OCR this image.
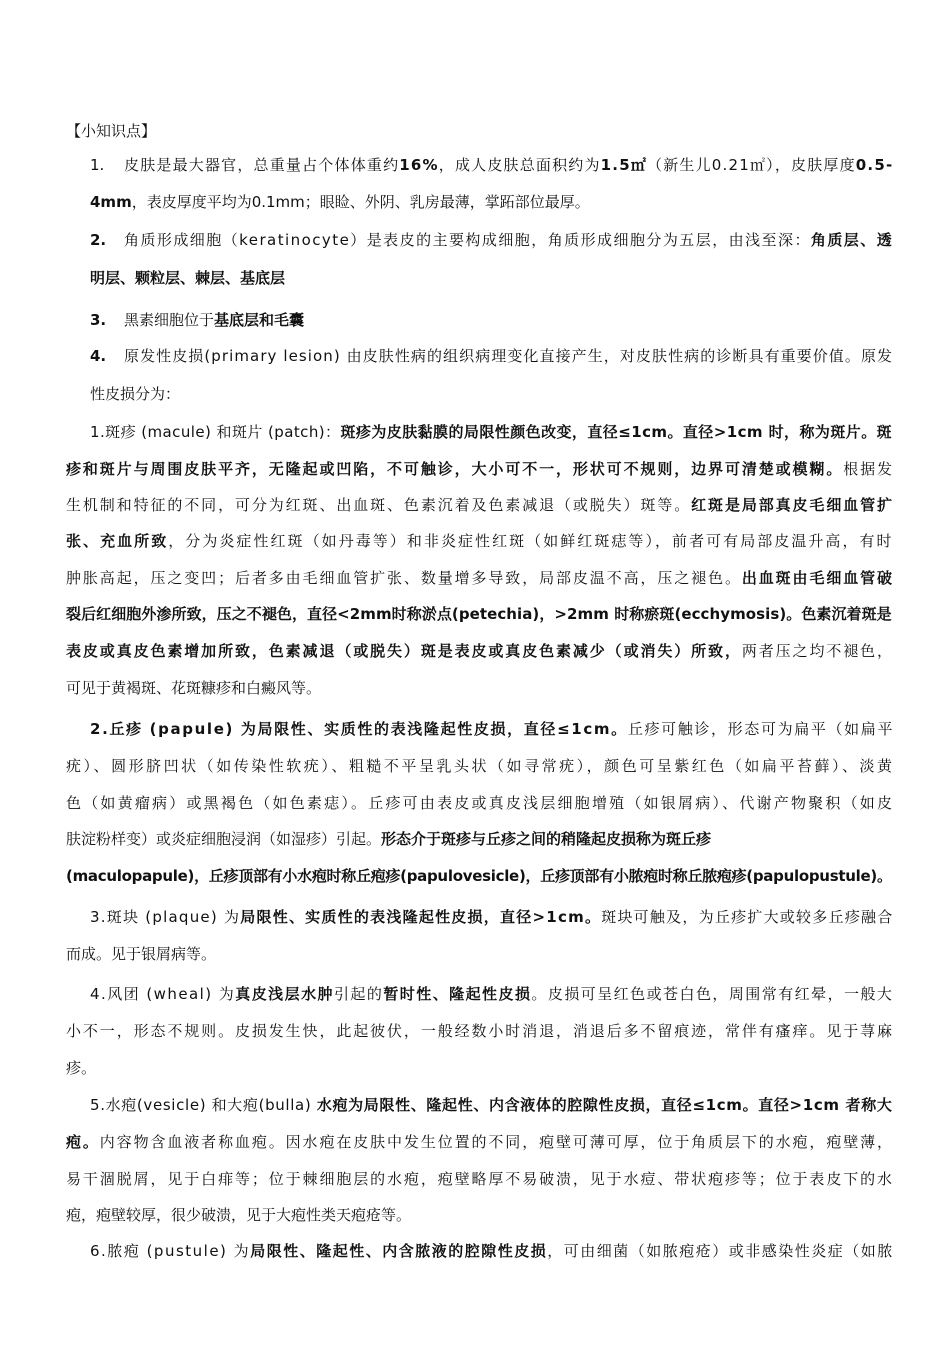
【小知识点】
1. 皮肤是最大器官，总重量占个体体重约16%，成人皮肤总面积约为1.5㎡（新生儿0.21㎡），皮肤厚度0.5-
4mm，表皮厚度平均为0.1mm；眼睑、外阴、乳房最薄，掌跖部位最厚。
2. 角质形成细胞（keratinocyte）是表皮的主要构成细胞，角质形成细胞分为五层，由浅至深：角质层、透
明层、颗粒层、棘层、基底层
3. 黑素细胞位于基底层和毛囊
4. 原发性皮损(primary lesion) 由皮肤性病的组织病理变化直接产生，对皮肤性病的诊断具有重要价值。原发
性皮损分为：
1.斑疹 (macule) 和斑片 (patch)：斑疹为皮肤黏膜的局限性颜色改变，直径≤1cm。直径>1cm 时，称为斑片。斑
疹和斑片与周围皮肤平齐，无隆起或凹陷，不可触诊，大小可不一，形状可不规则，边界可清楚或模糊。根据发
生机制和特征的不同，可分为红斑、出血斑、色素沉着及色素减退（或脱失）斑等。红斑是局部真皮毛细血管扩
张、充血所致，分为炎症性红斑（如丹毒等）和非炎症性红斑（如鲜红斑痣等），前者可有局部皮温升高，有时
肿胀高起，压之变凹；后者多由毛细血管扩张、数量增多导致，局部皮温不高，压之褪色。出血斑由毛细血管破
裂后红细胞外渗所致，压之不褪色，直径<2mm时称淤点(petechia)，>2mm 时称瘀斑(ecchymosis)。色素沉着斑是
表皮或真皮色素增加所致，色素减退（或脱失）斑是表皮或真皮色素减少（或消失）所致，两者压之均不褪色，
可见于黄褐斑、花斑糠疹和白癜风等。
2.丘疹 (papule) 为局限性、实质性的表浅隆起性皮损，直径≤1cm。丘疹可触诊，形态可为扁平（如扁平
疣）、圆形脐凹状（如传染性软疣）、粗糙不平呈乳头状（如寻常疣），颜色可呈紫红色（如扁平苔藓）、淡黄
色（如黄瘤病）或黑褐色（如色素痣）。丘疹可由表皮或真皮浅层细胞增殖（如银屑病）、代谢产物聚积（如皮
肤淀粉样变）或炎症细胞浸润（如湿疹）引起。形态介于斑疹与丘疹之间的稍隆起皮损称为斑丘疹
(maculopapule)，丘疹顶部有小水疱时称丘疱疹(papulovesicle)，丘疹顶部有小脓疱时称丘脓疱疹(papulopustule)。
3.斑块 (plaque) 为局限性、实质性的表浅隆起性皮损，直径>1cm。斑块可触及，为丘疹扩大或较多丘疹融合
而成。见于银屑病等。
4.风团 (wheal) 为真皮浅层水肿引起的暂时性、隆起性皮损。皮损可呈红色或苍白色，周围常有红晕，一般大
小不一，形态不规则。皮损发生快，此起彼伏，一般经数小时消退，消退后多不留痕迹，常伴有瘙痒。见于荨麻
疹。
5.水疱(vesicle) 和大疱(bulla) 水疱为局限性、隆起性、内含液体的腔隙性皮损，直径≤1cm。直径>1cm 者称大
疱。内容物含血液者称血疱。因水疱在皮肤中发生位置的不同，疱壁可薄可厚，位于角质层下的水疱，疱壁薄，
易干涸脱屑，见于白痱等；位于棘细胞层的水疱，疱壁略厚不易破溃，见于水痘、带状疱疹等；位于表皮下的水
疱，疱壁较厚，很少破溃，见于大疱性类天疱疮等。
6.脓疱 (pustule) 为局限性、隆起性、内含脓液的腔隙性皮损，可由细菌（如脓疱疮）或非感染性炎症（如脓
